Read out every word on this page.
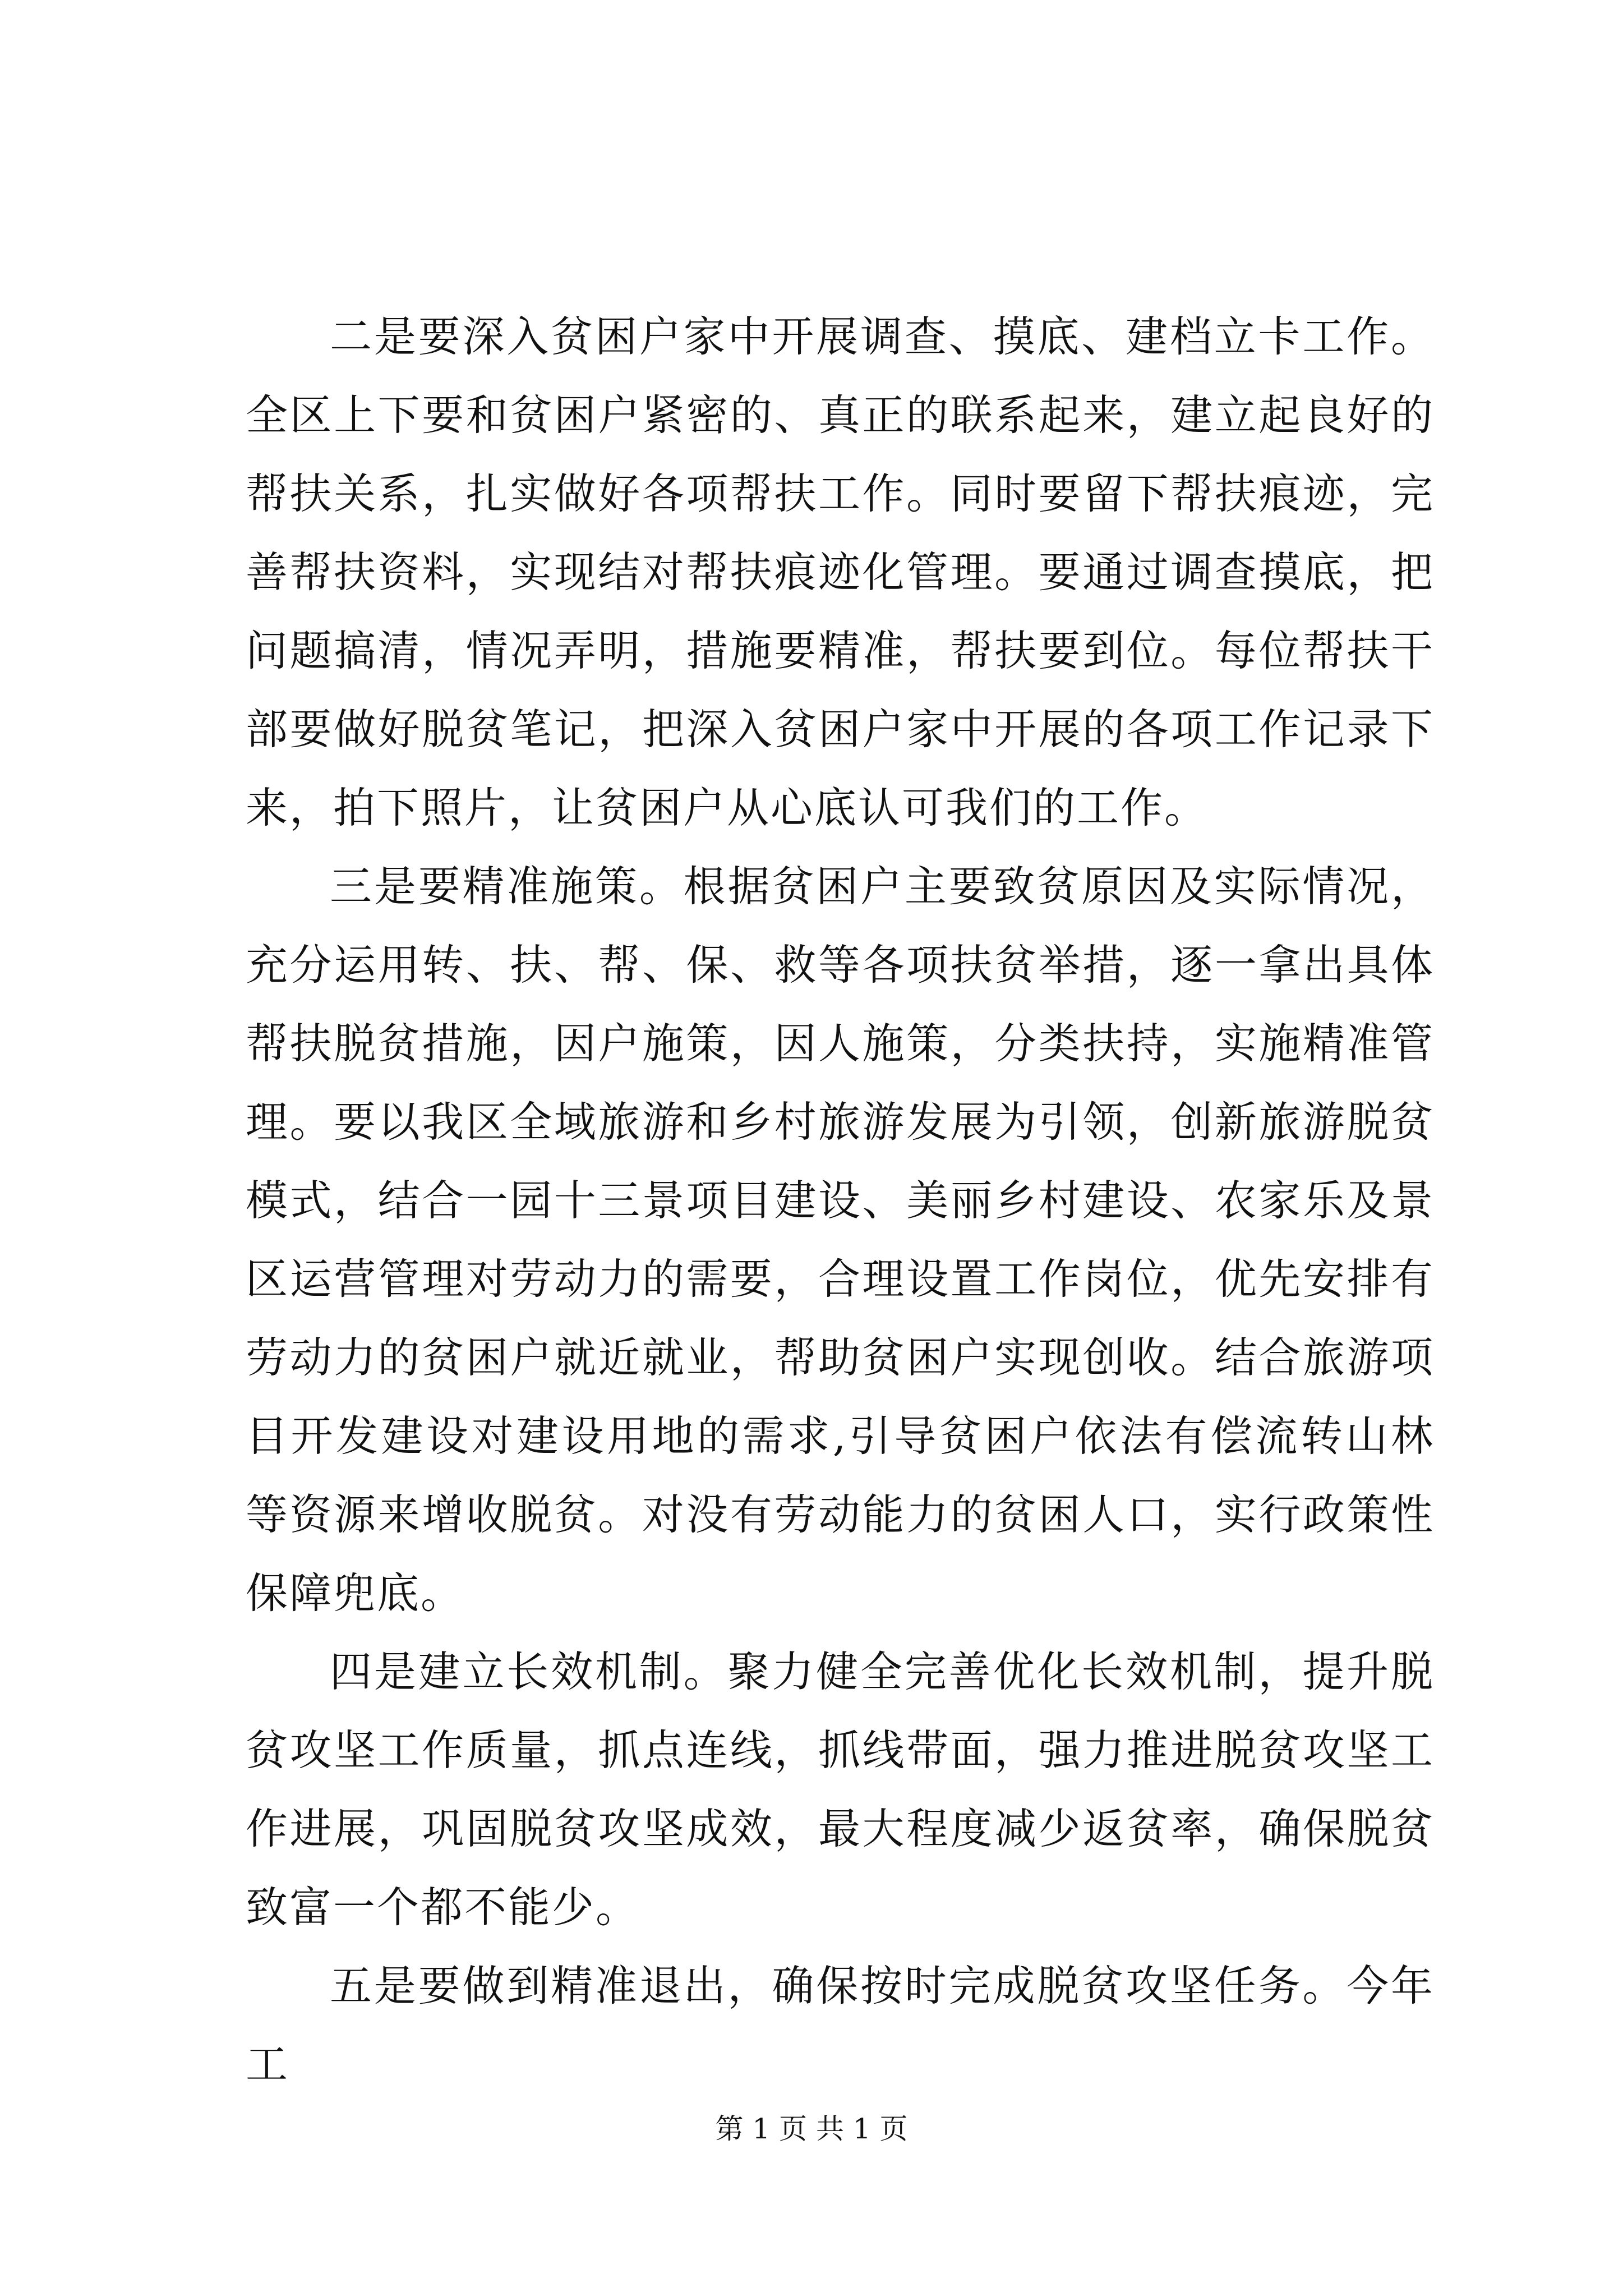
二是要深入贫困户家中开展调查、摸底、建档立卡工作。全区上下要和贫困户紧密的、真正的联系起来，建立起良好的帮扶关系，扎实做好各项帮扶工作。同时要留下帮扶痕迹，完善帮扶资料，实现结对帮扶痕迹化管理。要通过调查摸底，把问题搞清，情况弄明，措施要精准，帮扶要到位。每位帮扶干部要做好脱贫笔记，把深入贫困户家中开展的各项工作记录下来，拍下照片，让贫困户从心底认可我们的工作。

三是要精准施策。根据贫困户主要致贫原因及实际情况，充分运用转、扶、帮、保、救等各项扶贫举措，逐一拿出具体帮扶脱贫措施，因户施策，因人施策，分类扶持，实施精准管理。要以我区全域旅游和乡村旅游发展为引领，创新旅游脱贫模式，结合一园十三景项目建设、美丽乡村建设、农家乐及景区运营管理对劳动力的需要，合理设置工作岗位，优先安排有劳动力的贫困户就近就业，帮助贫困户实现创收。结合旅游项目开发建设对建设用地的需求,引导贫困户依法有偿流转山林等资源来增收脱贫。对没有劳动能力的贫困人口，实行政策性保障兜底。

四是建立长效机制。聚力健全完善优化长效机制，提升脱贫攻坚工作质量，抓点连线，抓线带面，强力推进脱贫攻坚工作进展，巩固脱贫攻坚成效，最大程度减少返贫率，确保脱贫致富一个都不能少。

五是要做到精准退出，确保按时完成脱贫攻坚任务。今年工

第 1 页 共 1 页
